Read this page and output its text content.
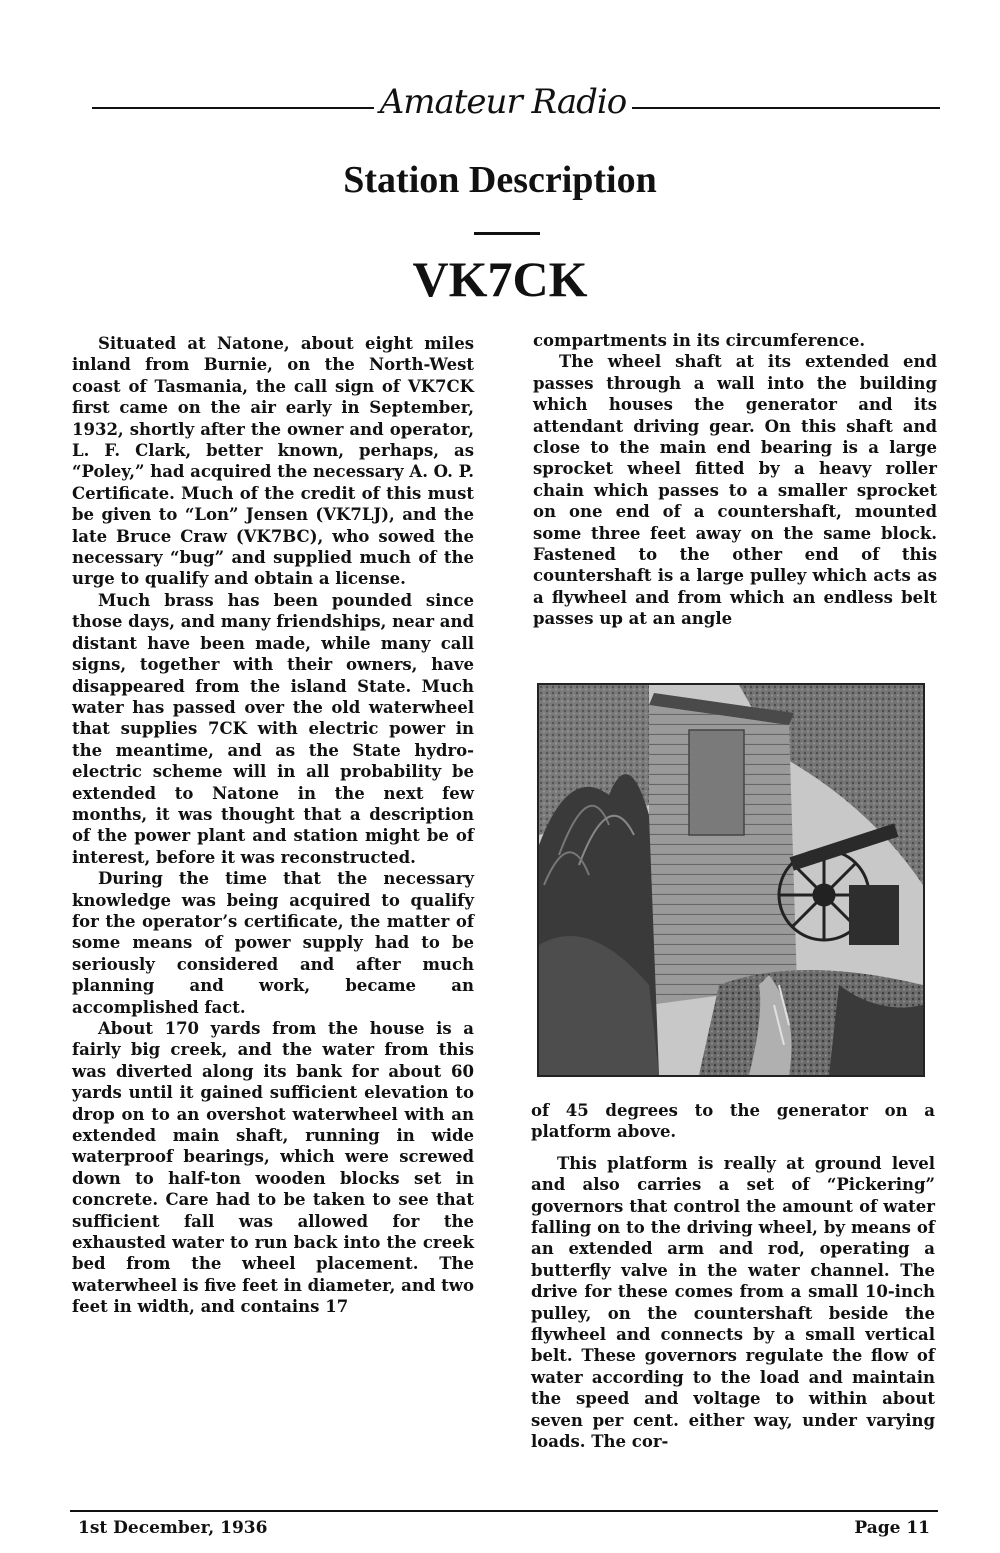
Amateur Radio
Station Description
VK7CK

Situated at Natone, about eight miles inland from Burnie, on the North-West coast of Tasmania, the call sign of VK7CK first came on the air early in September, 1932, shortly after the owner and operator, L. F. Clark, better known, perhaps, as “Poley,” had acquired the necessary A. O. P. Certificate. Much of the credit of this must be given to “Lon” Jensen (VK7LJ), and the late Bruce Craw (VK7BC), who sowed the necessary “bug” and supplied much of the urge to qualify and obtain a license.

Much brass has been pounded since those days, and many friendships, near and distant have been made, while many call signs, together with their owners, have disappeared from the island State. Much water has passed over the old waterwheel that supplies 7CK with electric power in the meantime, and as the State hydro-electric scheme will in all probability be extended to Natone in the next few months, it was thought that a description of the power plant and station might be of interest, before it was reconstructed.

During the time that the necessary knowledge was being acquired to qualify for the operator’s certificate, the matter of some means of power supply had to be seriously considered and after much planning and work, became an accomplished fact.

About 170 yards from the house is a fairly big creek, and the water from this was diverted along its bank for about 60 yards until it gained sufficient elevation to drop on to an overshot waterwheel with an extended main shaft, running in wide waterproof bearings, which were screwed down to half-ton wooden blocks set in concrete. Care had to be taken to see that sufficient fall was allowed for the exhausted water to run back into the creek bed from the wheel placement. The waterwheel is five feet in diameter, and two feet in width, and contains 17

compartments in its circumference.

The wheel shaft at its extended end passes through a wall into the building which houses the generator and its attendant driving gear. On this shaft and close to the main end bearing is a large sprocket wheel fitted by a heavy roller chain which passes to a smaller sprocket on one end of a countershaft, mounted some three feet away on the same block. Fastened to the other end of this countershaft is a large pulley which acts as a flywheel and from which an endless belt passes up at an angle

of 45 degrees to the generator on a platform above.

This platform is really at ground level and also carries a set of “Pickering” governors that control the amount of water falling on to the driving wheel, by means of an extended arm and rod, operating a butterfly valve in the water channel. The drive for these comes from a small 10-inch pulley, on the countershaft beside the flywheel and connects by a small vertical belt. These governors regulate the flow of water according to the load and maintain the speed and voltage to within about seven per cent. either way, under varying loads. The cor-

1st December, 1936	Page 11
